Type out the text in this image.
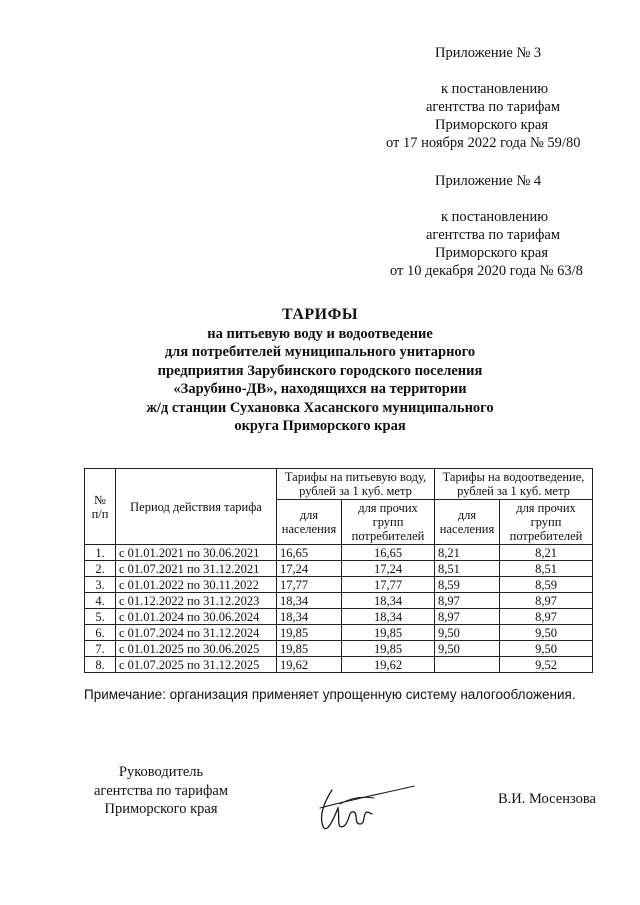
Приложение № 3
к постановлению
агентства по тарифам
Приморского края
от 17 ноября 2022 года № 59/80
Приложение № 4
к постановлению
агентства по тарифам
Приморского края
от 10 декабря 2020 года № 63/8
ТАРИФЫ
на питьевую воду и водоотведение
для потребителей муниципального унитарного
предприятия Зарубинского городского поселения
«Зарубино-ДВ», находящихся на территории
ж/д станции Сухановка Хасанского муниципального
округа Приморского края
№ п/п	Период действия тарифа	Тарифы на питьевую воду, рублей за 1 куб. метр		Тарифы на водоотведение, рублей за 1 куб. метр	
		для населения	для прочих групп потребителей	для населения	для прочих групп потребителей
1.	с 01.01.2021 по 30.06.2021	16,65	16,65	8,21	8,21
2.	с 01.07.2021 по 31.12.2021	17,24	17,24	8,51	8,51
3.	с 01.01.2022 по 30.11.2022	17,77	17,77	8,59	8,59
4.	с 01.12.2022 по 31.12.2023	18,34	18,34	8,97	8,97
5.	с 01.01.2024 по 30.06.2024	18,34	18,34	8,97	8,97
6.	с 01.07.2024 по 31.12.2024	19,85	19,85	9,50	9,50
7.	с 01.01.2025 по 30.06.2025	19,85	19,85	9,50	9,50
8.	с 01.07.2025 по 31.12.2025	19,62	19,62		9,52
Примечание: организация применяет упрощенную систему налогообложения.
Руководитель
агентства по тарифам
Приморского края
В.И. Мосензова
